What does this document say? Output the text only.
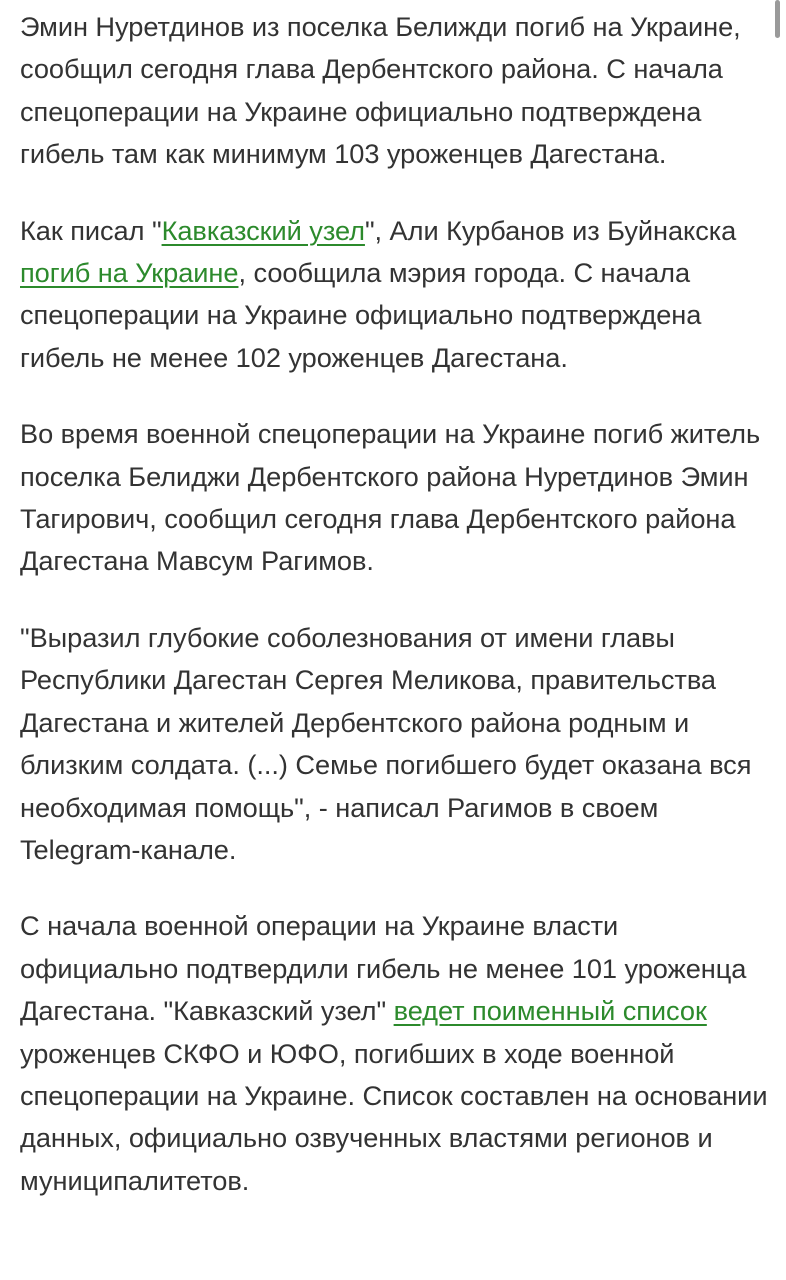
Эмин Нуретдинов из поселка Белижди погиб на Украине, сообщил сегодня глава Дербентского района. С начала спецоперации на Украине официально подтверждена гибель там как минимум 103 уроженцев Дагестана.

Как писал "Кавказский узел", Али Курбанов из Буйнакска погиб на Украине, сообщила мэрия города. С начала спецоперации на Украине официально подтверждена гибель не менее 102 уроженцев Дагестана.

Во время военной спецоперации на Украине погиб житель поселка Белиджи Дербентского района Нуретдинов Эмин Тагирович, сообщил сегодня глава Дербентского района Дагестана Мавсум Рагимов.

"Выразил глубокие соболезнования от имени главы Республики Дагестан Сергея Меликова, правительства Дагестана и жителей Дербентского района родным и близким солдата. (...) Семье погибшего будет оказана вся необходимая помощь", - написал Рагимов в своем Telegram-канале.

С начала военной операции на Украине власти официально подтвердили гибель не менее 101 уроженца Дагестана. "Кавказский узел" ведет поименный список уроженцев СКФО и ЮФО, погибших в ходе военной спецоперации на Украине. Список составлен на основании данных, официально озвученных властями регионов и муниципалитетов.
